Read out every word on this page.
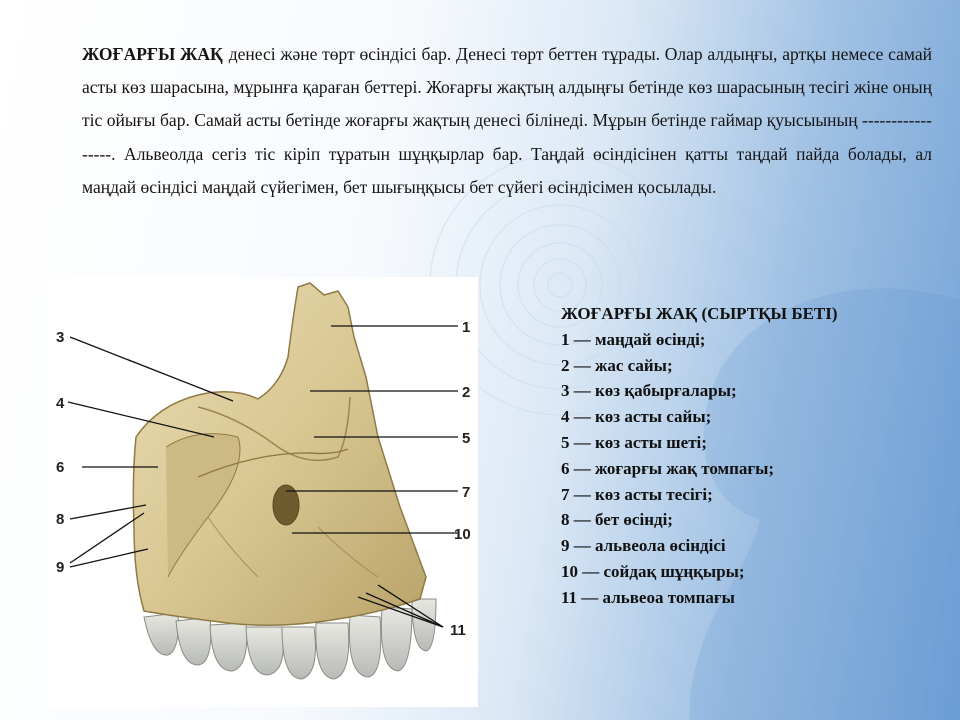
ЖОҒАРҒЫ ЖАҚ денесі және төрт өсіндісі бар. Денесі төрт беттен тұрады. Олар алдыңғы, артқы немесе самай асты көз шарасына, мұрынға қараған беттері. Жоғарғы жақтың алдыңғы бетінде көз шарасының тесігі жіне оның тіс ойығы бар. Самай асты бетінде жоғарғы жақтың денесі білінеді. Мұрын бетінде гаймар қуысыының -----------------. Альвеолда сегіз тіс кіріп тұратын шұңқырлар бар. Таңдай өсіндісінен қатты таңдай пайда болады, ал маңдай өсіндісі маңдай сүйегімен, бет шығыңқысы бет сүйегі өсіндісімен қосылады.

1
2
3
4
5
6
7
8
9
10
11
ЖОҒАРҒЫ ЖАҚ (СЫРТҚЫ БЕТІ)
1 — маңдай өсінді;
2 — жас сайы;
3 — көз қабырғалары;
4 — көз асты сайы;
5 — көз асты шеті;
6 — жоғарғы жақ томпағы;
7 — көз асты тесігі;
8 — бет өсінді;
9 — альвеола өсіндісі
10 — сойдақ шұңқыры;
11 — альвеоа томпағы
